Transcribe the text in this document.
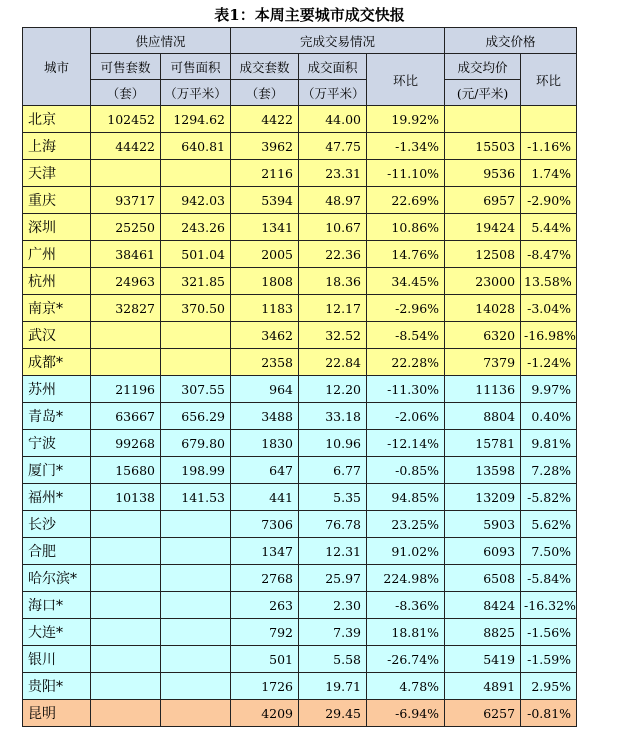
表1：本周主要城市成交快报
城市	供应情况		完成交易情况			成交价格	
	可售套数	可售面积	成交套数	成交面积	环比	成交均价	环比
	（套）	（万平米）	（套）	（万平米）		(元/平米)	
北京	102452	1294.62	4422	44.00	19.92%		
上海	44422	640.81	3962	47.75	-1.34%	15503	-1.16%
天津			2116	23.31	-11.10%	9536	1.74%
重庆	93717	942.03	5394	48.97	22.69%	6957	-2.90%
深圳	25250	243.26	1341	10.67	10.86%	19424	5.44%
广州	38461	501.04	2005	22.36	14.76%	12508	-8.47%
杭州	24963	321.85	1808	18.36	34.45%	23000	13.58%
南京*	32827	370.50	1183	12.17	-2.96%	14028	-3.04%
武汉			3462	32.52	-8.54%	6320	-16.98%
成都*			2358	22.84	22.28%	7379	-1.24%
苏州	21196	307.55	964	12.20	-11.30%	11136	9.97%
青岛*	63667	656.29	3488	33.18	-2.06%	8804	0.40%
宁波	99268	679.80	1830	10.96	-12.14%	15781	9.81%
厦门*	15680	198.99	647	6.77	-0.85%	13598	7.28%
福州*	10138	141.53	441	5.35	94.85%	13209	-5.82%
长沙			7306	76.78	23.25%	5903	5.62%
合肥			1347	12.31	91.02%	6093	7.50%
哈尔滨*			2768	25.97	224.98%	6508	-5.84%
海口*			263	2.30	-8.36%	8424	-16.32%
大连*			792	7.39	18.81%	8825	-1.56%
银川			501	5.58	-26.74%	5419	-1.59%
贵阳*			1726	19.71	4.78%	4891	2.95%
昆明			4209	29.45	-6.94%	6257	-0.81%
